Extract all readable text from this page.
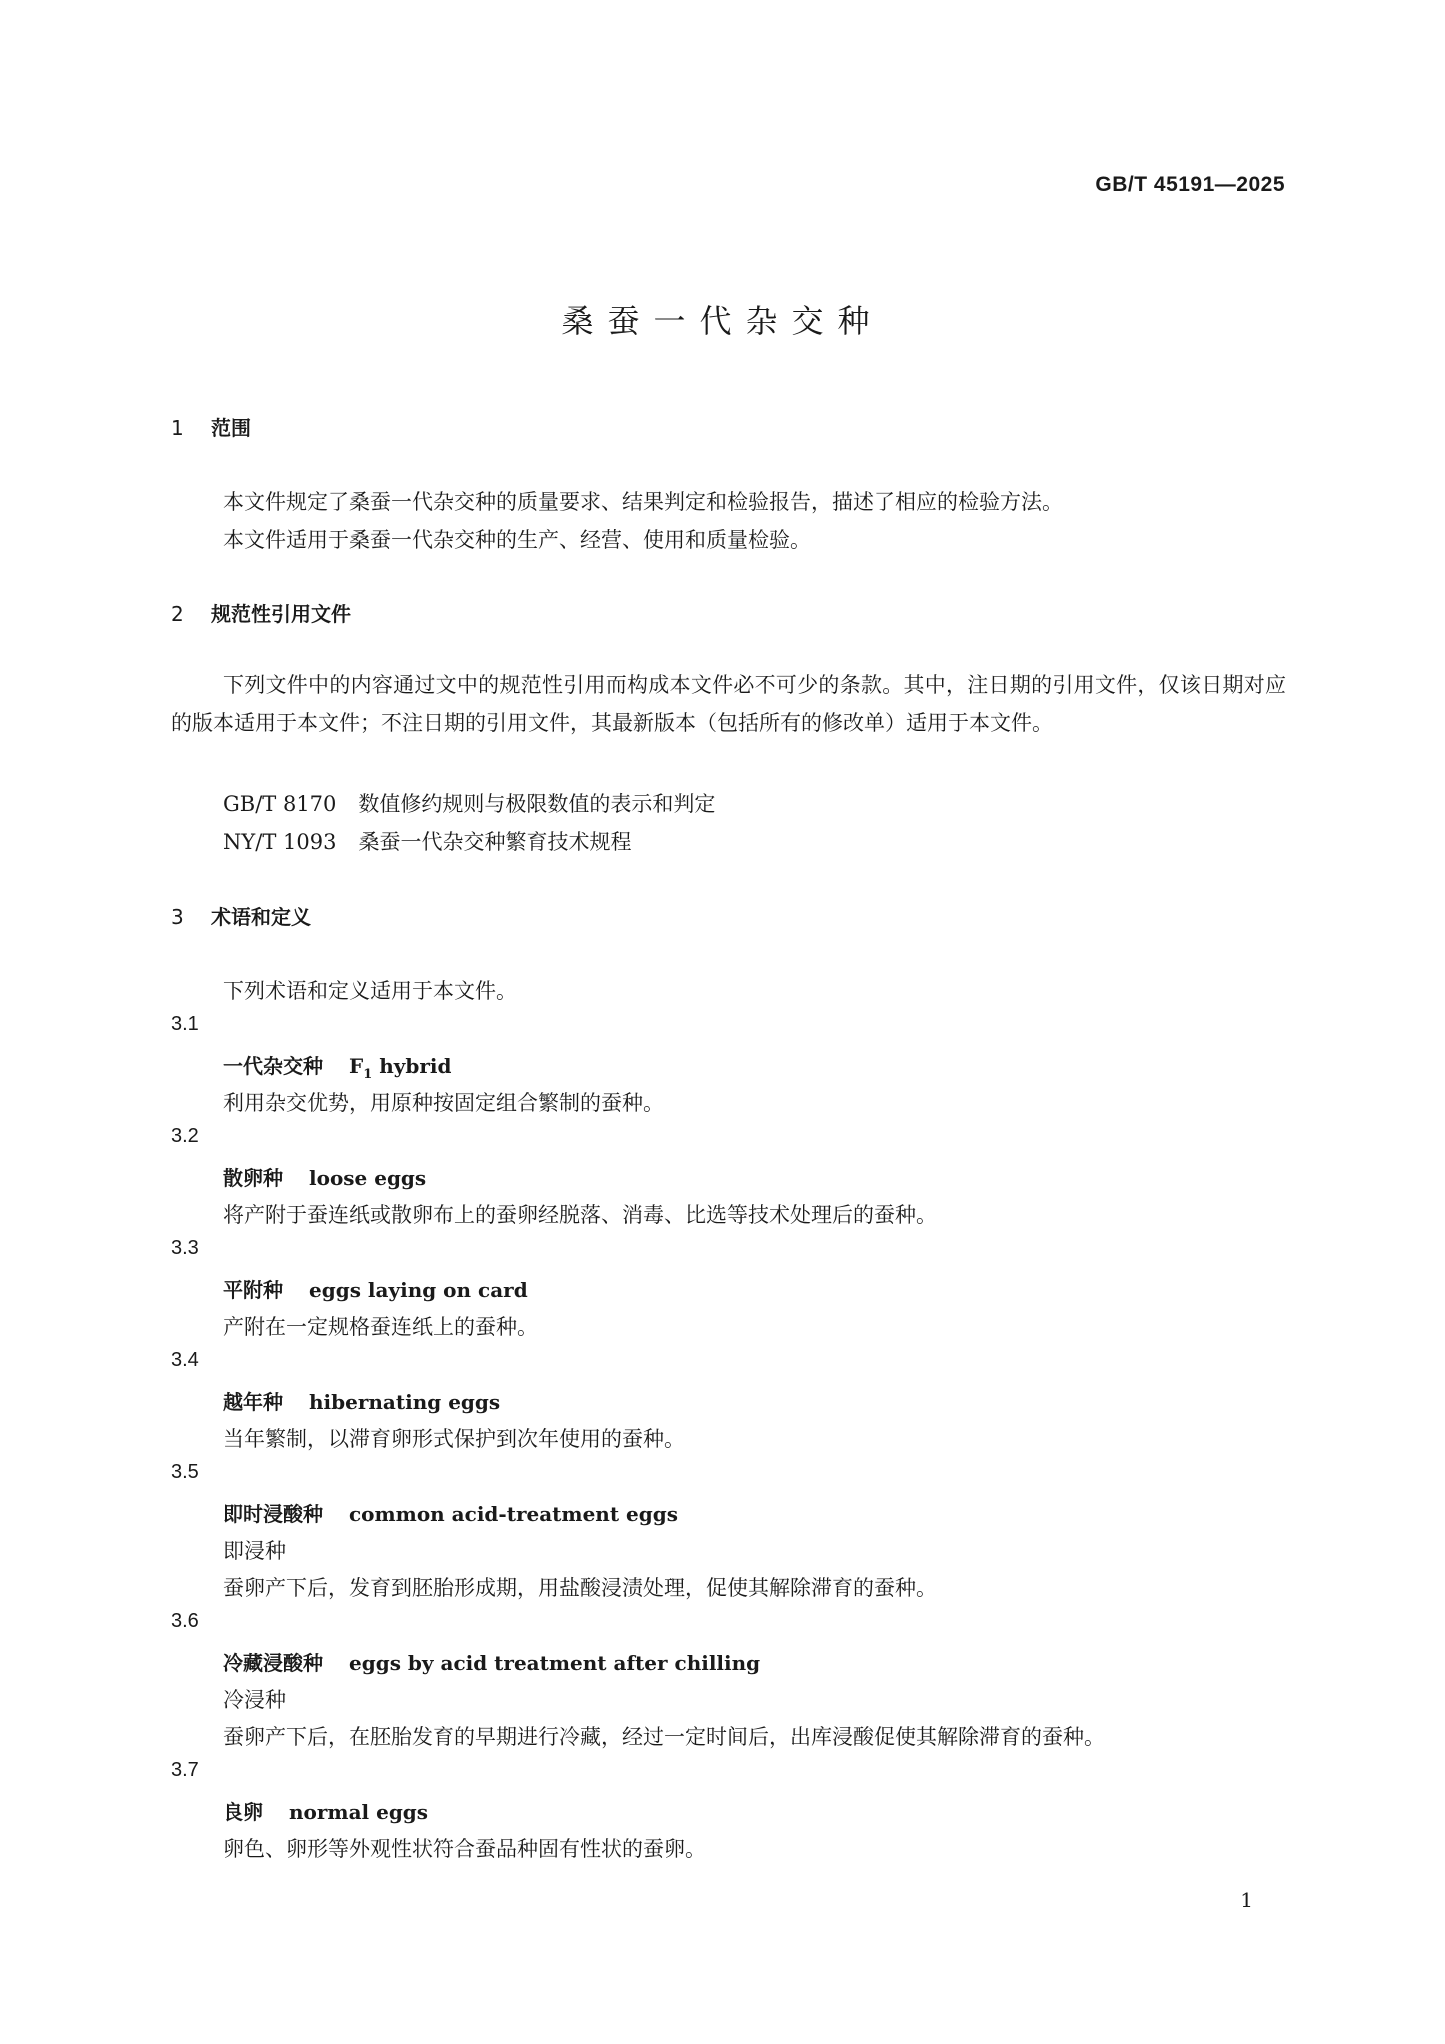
GB/T 45191—2025
桑蚕一代杂交种
1 范围
本文件规定了桑蚕一代杂交种的质量要求、结果判定和检验报告，描述了相应的检验方法。
本文件适用于桑蚕一代杂交种的生产、经营、使用和质量检验。
2 规范性引用文件
下列文件中的内容通过文中的规范性引用而构成本文件必不可少的条款。其中，注日期的引用文件，仅该日期对应的版本适用于本文件；不注日期的引用文件，其最新版本（包括所有的修改单）适用于本文件。
GB/T 8170 数值修约规则与极限数值的表示和判定
NY/T 1093 桑蚕一代杂交种繁育技术规程
3 术语和定义
下列术语和定义适用于本文件。
3.1
一代杂交种 $F_1$ hybrid
利用杂交优势，用原种按固定组合繁制的蚕种。
3.2
散卵种 loose eggs
将产附于蚕连纸或散卵布上的蚕卵经脱落、消毒、比选等技术处理后的蚕种。
3.3
平附种 eggs laying on card
产附在一定规格蚕连纸上的蚕种。
3.4
越年种 hibernating eggs
当年繁制，以滞育卵形式保护到次年使用的蚕种。
3.5
即时浸酸种 common acid-treatment eggs
即浸种
蚕卵产下后，发育到胚胎形成期，用盐酸浸渍处理，促使其解除滞育的蚕种。
3.6
冷藏浸酸种 eggs by acid treatment after chilling
冷浸种
蚕卵产下后，在胚胎发育的早期进行冷藏，经过一定时间后，出库浸酸促使其解除滞育的蚕种。
3.7
良卵 normal eggs
卵色、卵形等外观性状符合蚕品种固有性状的蚕卵。
1
